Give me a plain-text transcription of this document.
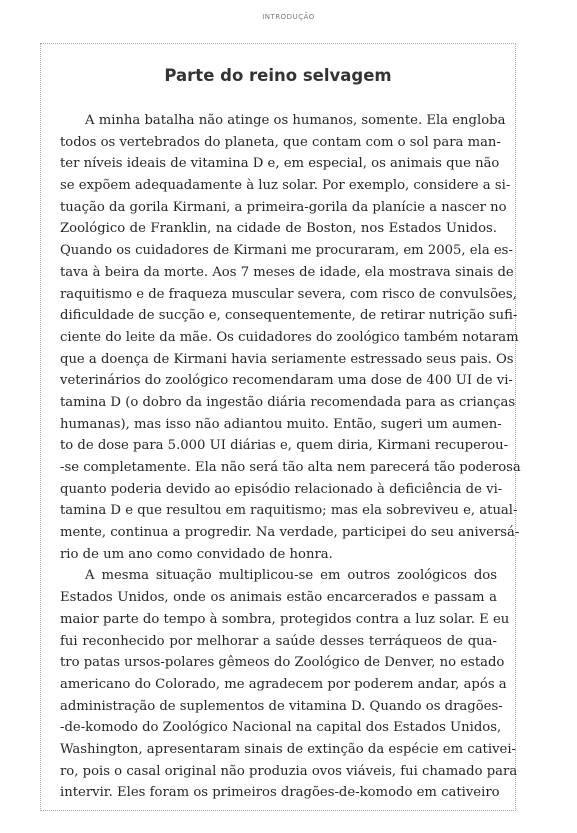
INTRODUÇÃO
Parte do reino selvagem
A minha batalha não atinge os humanos, somente. Ela engloba
todos os vertebrados do planeta, que contam com o sol para man-
ter níveis ideais de vitamina D e, em especial, os animais que não
se expõem adequadamente à luz solar. Por exemplo, considere a si-
tuação da gorila Kirmani, a primeira-gorila da planície a nascer no
Zoológico de Franklin, na cidade de Boston, nos Estados Unidos.
Quando os cuidadores de Kirmani me procuraram, em 2005, ela es-
tava à beira da morte. Aos 7 meses de idade, ela mostrava sinais de
raquitismo e de fraqueza muscular severa, com risco de convulsões,
dificuldade de sucção e, consequentemente, de retirar nutrição sufi-
ciente do leite da mãe. Os cuidadores do zoológico também notaram
que a doença de Kirmani havia seriamente estressado seus pais. Os
veterinários do zoológico recomendaram uma dose de 400 UI de vi-
tamina D (o dobro da ingestão diária recomendada para as crianças
humanas), mas isso não adiantou muito. Então, sugeri um aumen-
to de dose para 5.000 UI diárias e, quem diria, Kirmani recuperou-
-se completamente. Ela não será tão alta nem parecerá tão poderosa
quanto poderia devido ao episódio relacionado à deficiência de vi-
tamina D e que resultou em raquitismo; mas ela sobreviveu e, atual-
mente, continua a progredir. Na verdade, participei do seu aniversá-
rio de um ano como convidado de honra.
A mesma situação multiplicou-se em outros zoológicos dos
Estados Unidos, onde os animais estão encarcerados e passam a
maior parte do tempo à sombra, protegidos contra a luz solar. E eu
fui reconhecido por melhorar a saúde desses terráqueos de qua-
tro patas ursos-polares gêmeos do Zoológico de Denver, no estado
americano do Colorado, me agradecem por poderem andar, após a
administração de suplementos de vitamina D. Quando os dragões-
-de-komodo do Zoológico Nacional na capital dos Estados Unidos,
Washington, apresentaram sinais de extinção da espécie em cativei-
ro, pois o casal original não produzia ovos viáveis, fui chamado para
intervir. Eles foram os primeiros dragões-de-komodo em cativeiro
